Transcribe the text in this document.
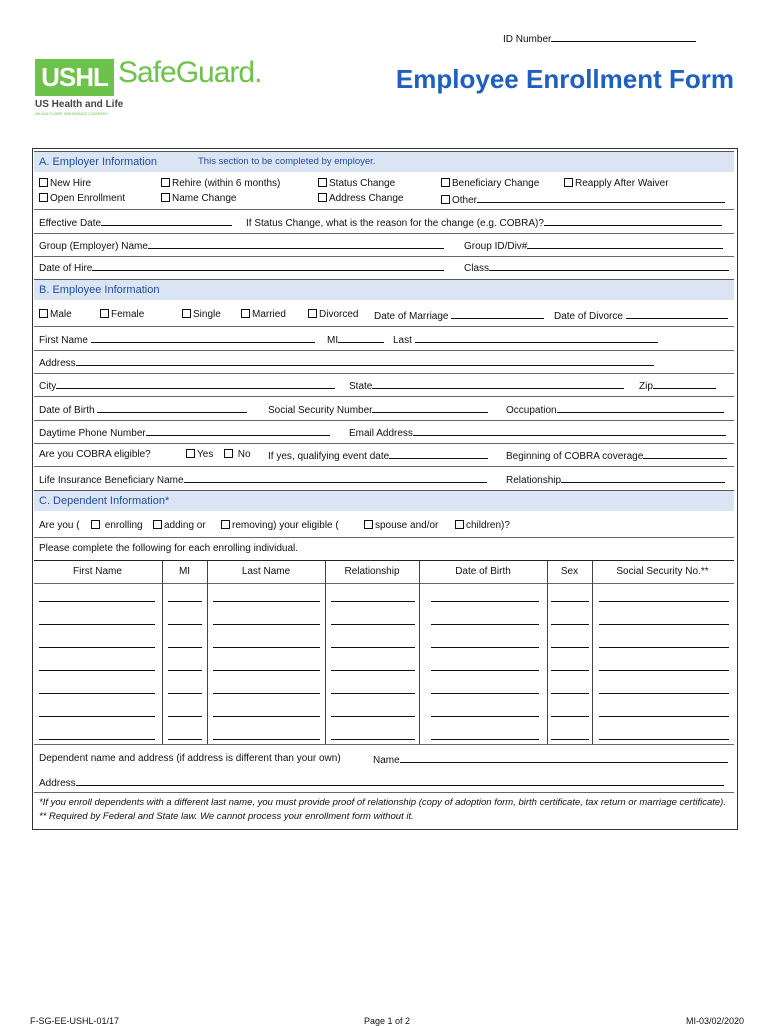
ID Number
USHL SafeGuard.
US Health and Life
AN AULTCARE INSURANCE COMPANY
Employee Enrollment Form
A. Employer Information	This section to be completed by employer.
New Hire	Rehire (within 6 months)	Status Change	Beneficiary Change	Reapply After Waiver
Open Enrollment	Name Change	Address Change	Other
Effective Date	If Status Change, what is the reason for the change (e.g. COBRA)?
Group (Employer) Name	Group ID/Div#
Date of Hire	Class
B. Employee Information
Male	Female	Single	Married	Divorced Date of Marriage	Date of Divorce
First Name	MI	Last
Address
City	State	Zip
Date of Birth	Social Security Number	Occupation
Daytime Phone Number	Email Address
Are you COBRA eligible?	Yes	No If yes, qualifying event date	Beginning of COBRA coverage
Life Insurance Beneficiary Name	Relationship
C. Dependent Information*
Are you (	enrolling	adding or	removing) your eligible (	spouse and/or	children)?
Please complete the following for each enrolling individual.
First Name	MI	Last Name	Relationship	Date of Birth	Sex	Social Security No.**
Dependent name and address (if address is different than your own)	Name
Address
*If you enroll dependents with a different last name, you must provide proof of relationship (copy of adoption form, birth certificate, tax return or marriage certificate). ** Required by Federal and State law. We cannot process your enrollment form without it.
F-SG-EE-USHL-01/17	Page 1 of 2	MI-03/02/2020
